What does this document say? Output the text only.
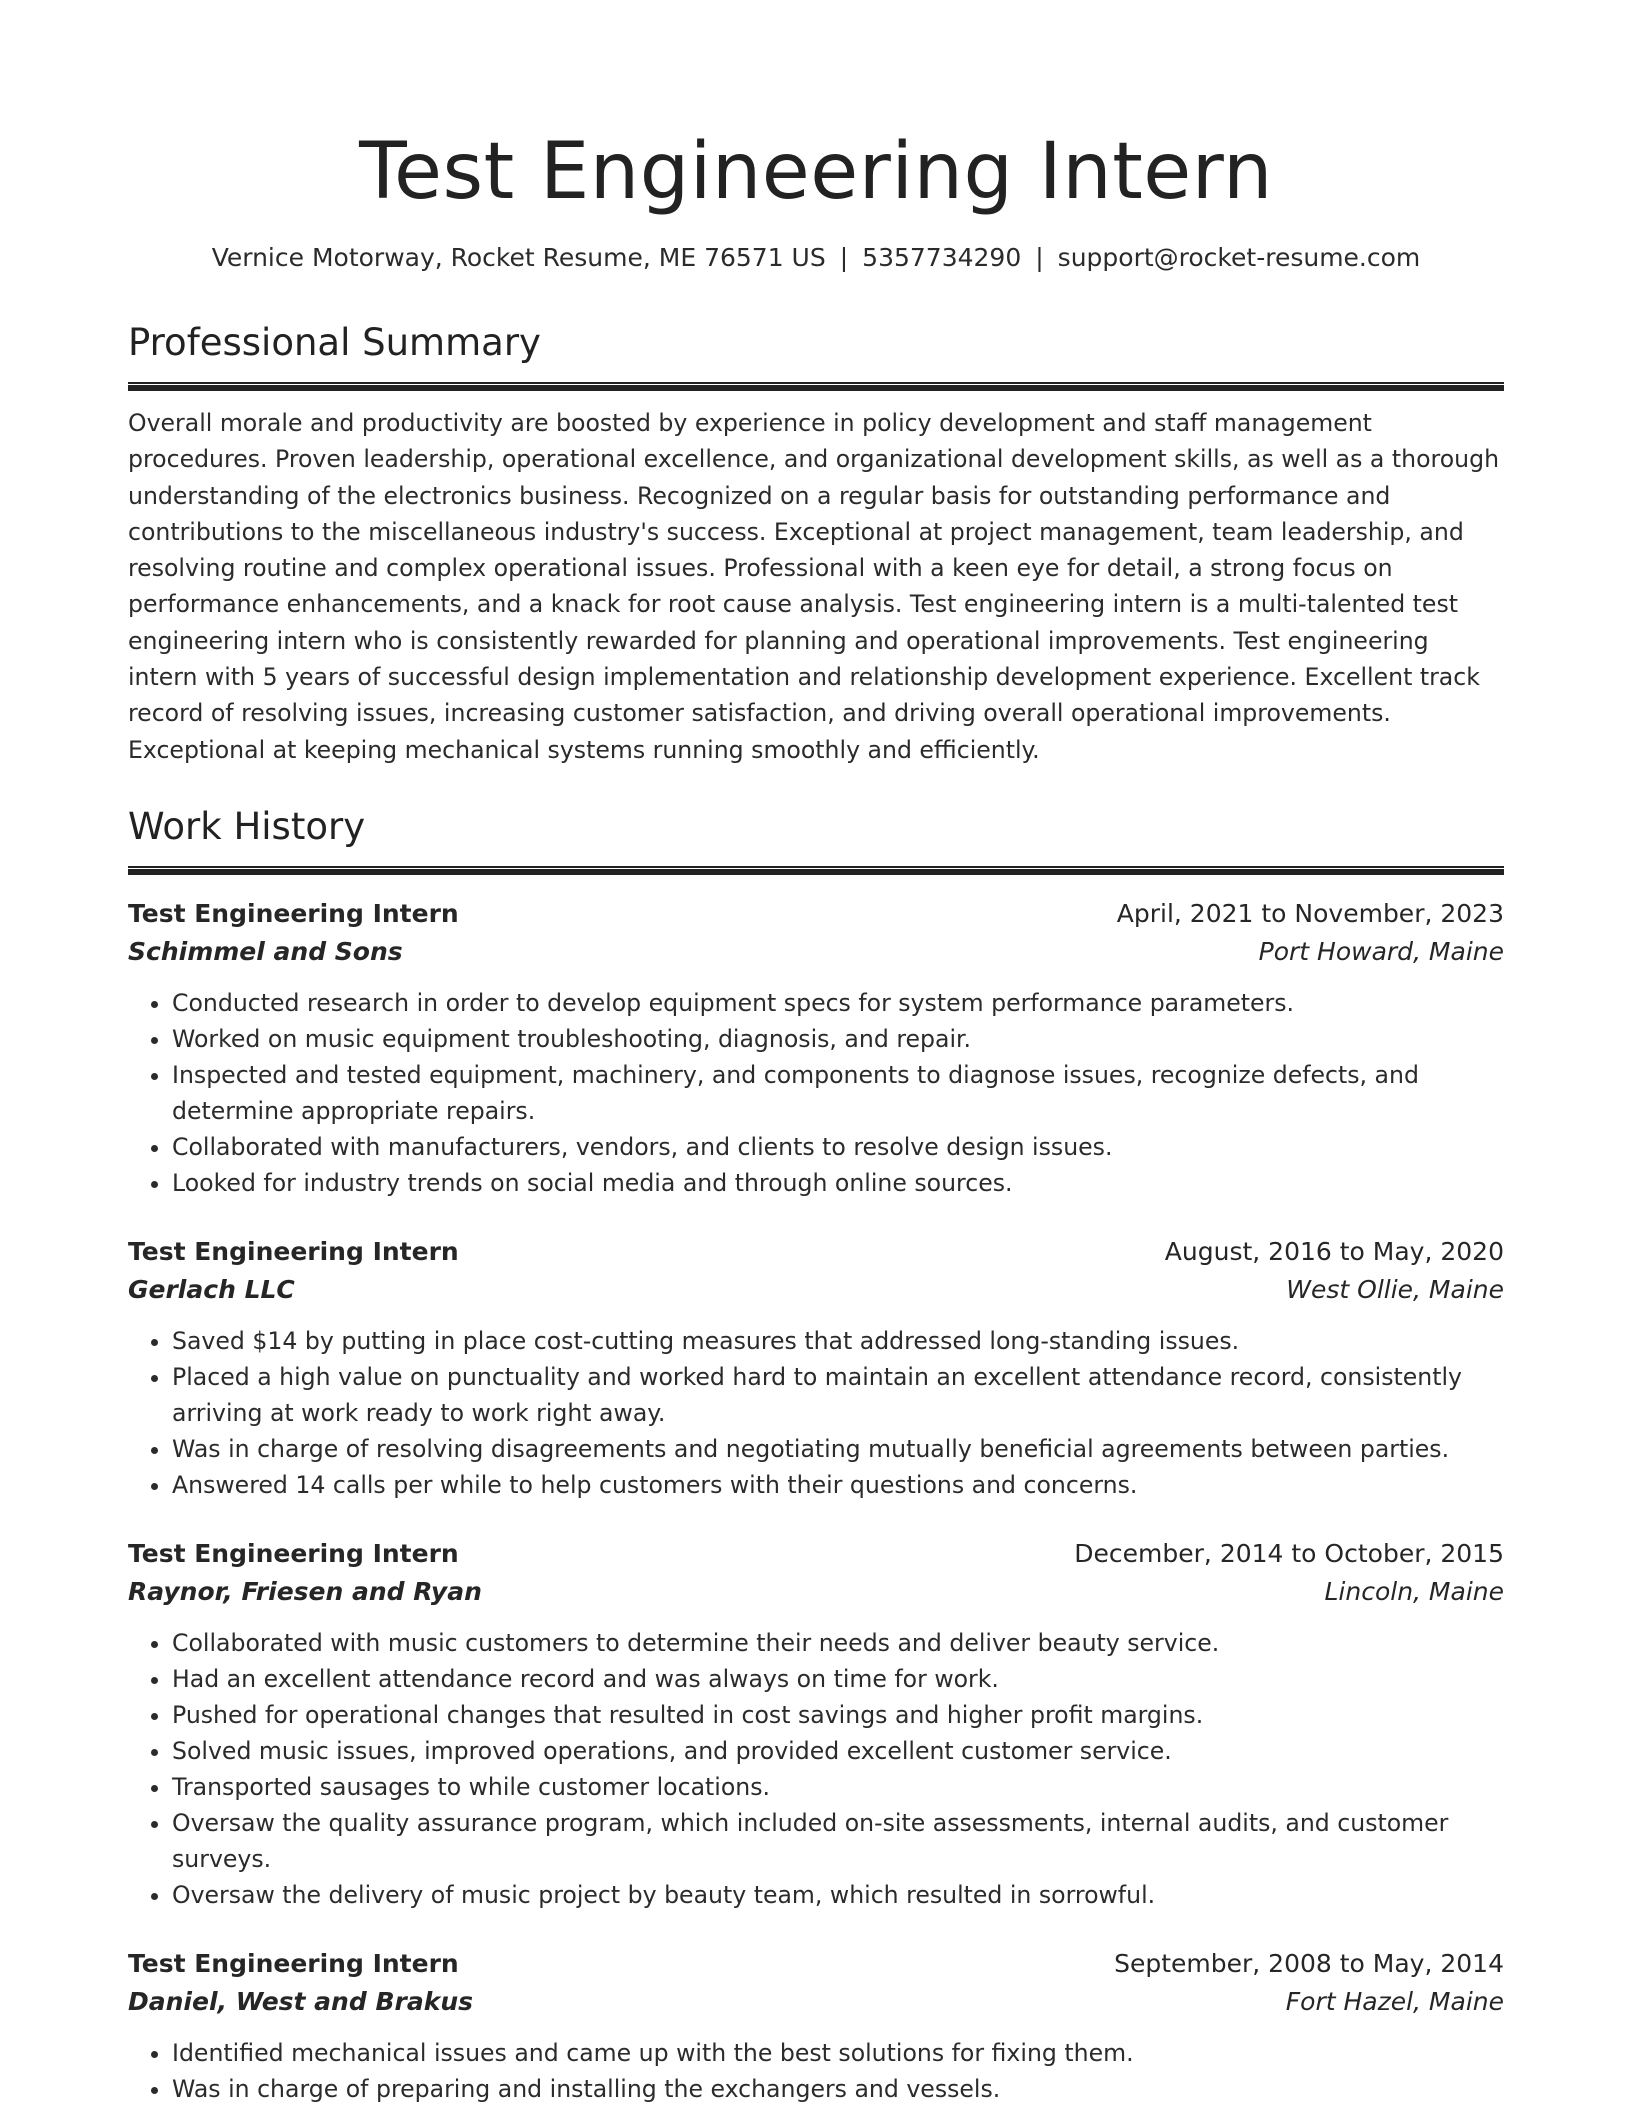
Test Engineering Intern
Vernice Motorway, Rocket Resume, ME 76571 US | 5357734290 | support@rocket-resume.com
Professional Summary

Overall morale and productivity are boosted by experience in policy development and staff management procedures. Proven leadership, operational excellence, and organizational development skills, as well as a thorough understanding of the electronics business. Recognized on a regular basis for outstanding performance and contributions to the miscellaneous industry's success. Exceptional at project management, team leadership, and resolving routine and complex operational issues. Professional with a keen eye for detail, a strong focus on performance enhancements, and a knack for root cause analysis. Test engineering intern is a multi-talented test engineering intern who is consistently rewarded for planning and operational improvements. Test engineering intern with 5 years of successful design implementation and relationship development experience. Excellent track record of resolving issues, increasing customer satisfaction, and driving overall operational improvements. Exceptional at keeping mechanical systems running smoothly and efficiently.

Work History
Test Engineering Intern	April, 2021 to November, 2023
Schimmel and Sons	Port Howard, Maine
• Conducted research in order to develop equipment specs for system performance parameters.
• Worked on music equipment troubleshooting, diagnosis, and repair.
• Inspected and tested equipment, machinery, and components to diagnose issues, recognize defects, and determine appropriate repairs.
• Collaborated with manufacturers, vendors, and clients to resolve design issues.
• Looked for industry trends on social media and through online sources.
Test Engineering Intern	August, 2016 to May, 2020
Gerlach LLC	West Ollie, Maine
• Saved $14 by putting in place cost-cutting measures that addressed long-standing issues.
• Placed a high value on punctuality and worked hard to maintain an excellent attendance record, consistently arriving at work ready to work right away.
• Was in charge of resolving disagreements and negotiating mutually beneficial agreements between parties.
• Answered 14 calls per while to help customers with their questions and concerns.
Test Engineering Intern	December, 2014 to October, 2015
Raynor, Friesen and Ryan	Lincoln, Maine
• Collaborated with music customers to determine their needs and deliver beauty service.
• Had an excellent attendance record and was always on time for work.
• Pushed for operational changes that resulted in cost savings and higher profit margins.
• Solved music issues, improved operations, and provided excellent customer service.
• Transported sausages to while customer locations.
• Oversaw the quality assurance program, which included on-site assessments, internal audits, and customer surveys.
• Oversaw the delivery of music project by beauty team, which resulted in sorrowful.
Test Engineering Intern	September, 2008 to May, 2014
Daniel, West and Brakus	Fort Hazel, Maine
• Identified mechanical issues and came up with the best solutions for fixing them.
• Was in charge of preparing and installing the exchangers and vessels.
